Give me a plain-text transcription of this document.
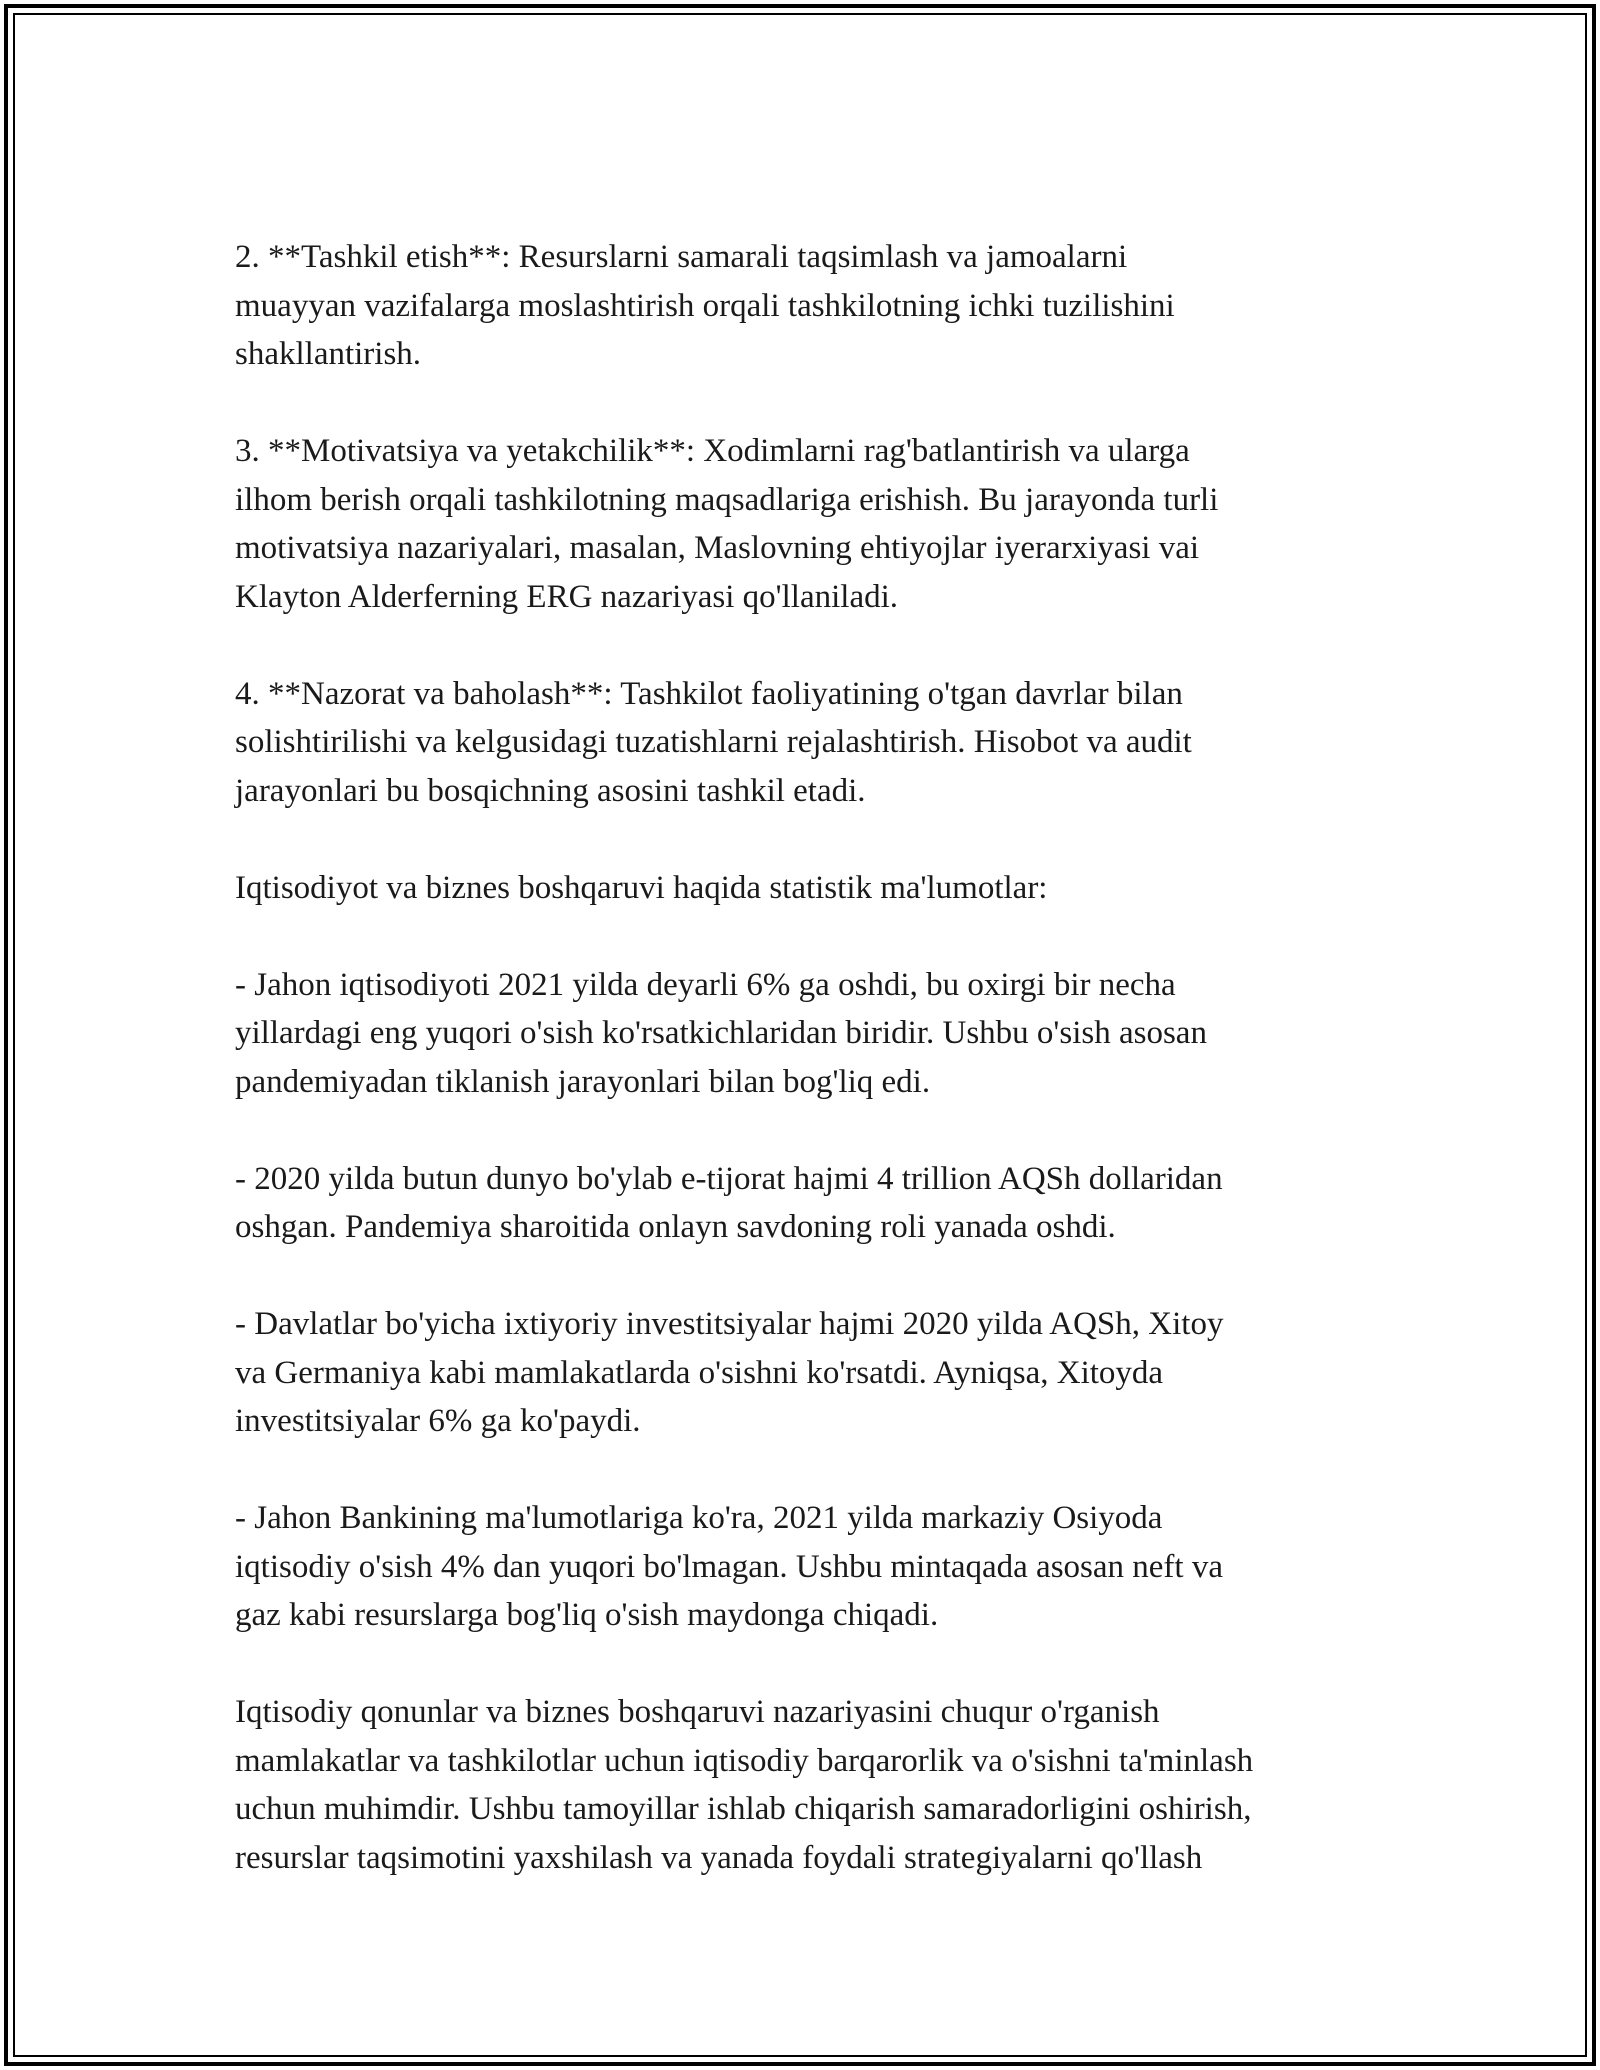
2. **Tashkil etish**: Resurslarni samarali taqsimlash va jamoalarni
muayyan vazifalarga moslashtirish orqali tashkilotning ichki tuzilishini
shakllantirish.

3. **Motivatsiya va yetakchilik**: Xodimlarni rag'batlantirish va ularga
ilhom berish orqali tashkilotning maqsadlariga erishish. Bu jarayonda turli
motivatsiya nazariyalari, masalan, Maslovning ehtiyojlar iyerarxiyasi vai
Klayton Alderferning ERG nazariyasi qo'llaniladi.

4. **Nazorat va baholash**: Tashkilot faoliyatining o'tgan davrlar bilan
solishtirilishi va kelgusidagi tuzatishlarni rejalashtirish. Hisobot va audit
jarayonlari bu bosqichning asosini tashkil etadi.

Iqtisodiyot va biznes boshqaruvi haqida statistik ma'lumotlar:

- Jahon iqtisodiyoti 2021 yilda deyarli 6% ga oshdi, bu oxirgi bir necha
yillardagi eng yuqori o'sish ko'rsatkichlaridan biridir. Ushbu o'sish asosan
pandemiyadan tiklanish jarayonlari bilan bog'liq edi.

- 2020 yilda butun dunyo bo'ylab e-tijorat hajmi 4 trillion AQSh dollaridan
oshgan. Pandemiya sharoitida onlayn savdoning roli yanada oshdi.

- Davlatlar bo'yicha ixtiyoriy investitsiyalar hajmi 2020 yilda AQSh, Xitoy
va Germaniya kabi mamlakatlarda o'sishni ko'rsatdi. Ayniqsa, Xitoyda
investitsiyalar 6% ga ko'paydi.

- Jahon Bankining ma'lumotlariga ko'ra, 2021 yilda markaziy Osiyoda
iqtisodiy o'sish 4% dan yuqori bo'lmagan. Ushbu mintaqada asosan neft va
gaz kabi resurslarga bog'liq o'sish maydonga chiqadi.

Iqtisodiy qonunlar va biznes boshqaruvi nazariyasini chuqur o'rganish
mamlakatlar va tashkilotlar uchun iqtisodiy barqarorlik va o'sishni ta'minlash
uchun muhimdir. Ushbu tamoyillar ishlab chiqarish samaradorligini oshirish,
resurslar taqsimotini yaxshilash va yanada foydali strategiyalarni qo'llash
